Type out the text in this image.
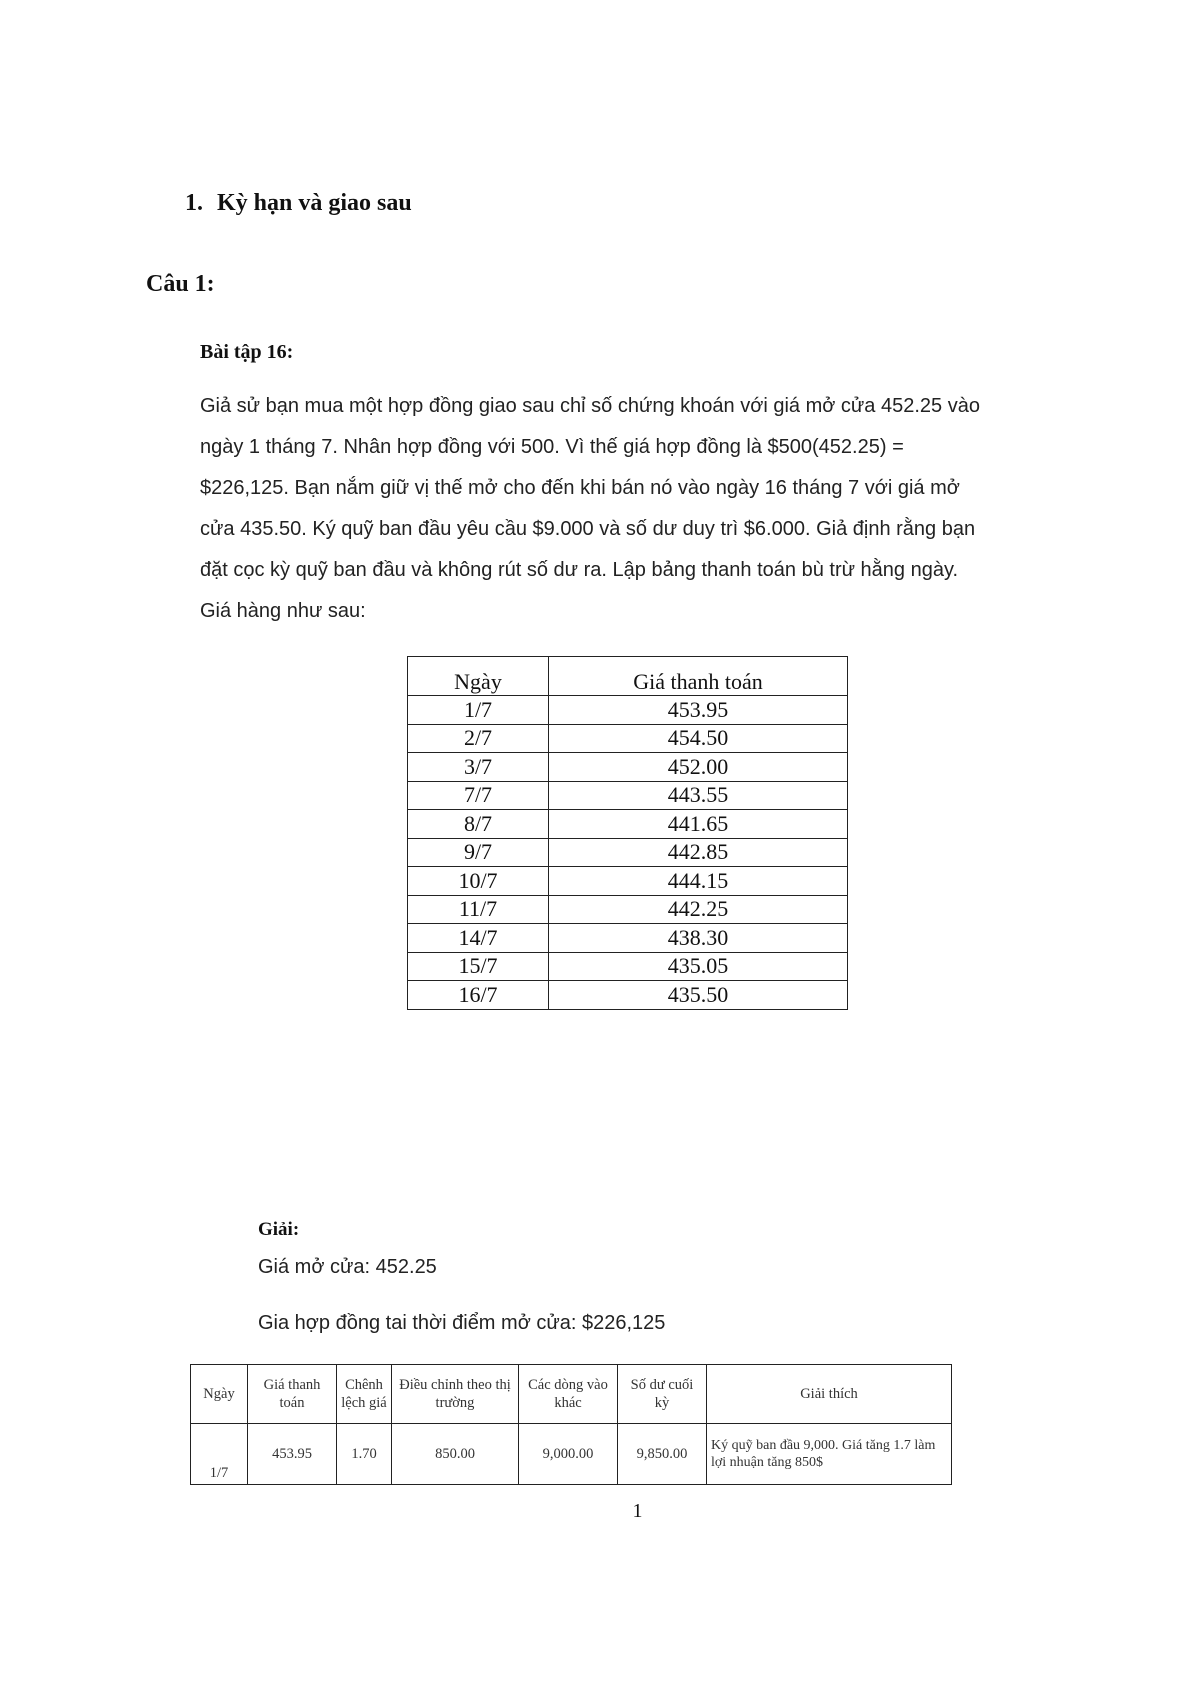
1. Kỳ hạn và giao sau
Câu 1:
Bài tập 16:
Giả sử bạn mua một hợp đồng giao sau chỉ số chứng khoán với giá mở cửa 452.25 vào
ngày 1 tháng 7. Nhân hợp đồng với 500. Vì thế giá hợp đồng là $500(452.25) =
$226,125. Bạn nắm giữ vị thế mở cho đến khi bán nó vào ngày 16 tháng 7 với giá mở
cửa 435.50. Ký quỹ ban đầu yêu cầu $9.000 và số dư duy trì $6.000. Giả định rằng bạn
đặt cọc kỳ quỹ ban đầu và không rút số dư ra. Lập bảng thanh toán bù trừ hằng ngày.
Giá hàng như sau:
Ngày	Giá thanh toán
1/7	453.95
2/7	454.50
3/7	452.00
7/7	443.55
8/7	441.65
9/7	442.85
10/7	444.15
11/7	442.25
14/7	438.30
15/7	435.05
16/7	435.50
Giải:
Giá mở cửa: 452.25
Gia hợp đồng tai thời điểm mở cửa: $226,125
Ngày	Giá thanh toán	Chênh lệch giá	Điều chỉnh theo thị trường	Các dòng vào khác	Số dư cuối kỳ	Giải thích
1/7	453.95	1.70	850.00	9,000.00	9,850.00	Ký quỹ ban đầu 9,000. Giá tăng 1.7 làm lợi nhuận tăng 850$
1
